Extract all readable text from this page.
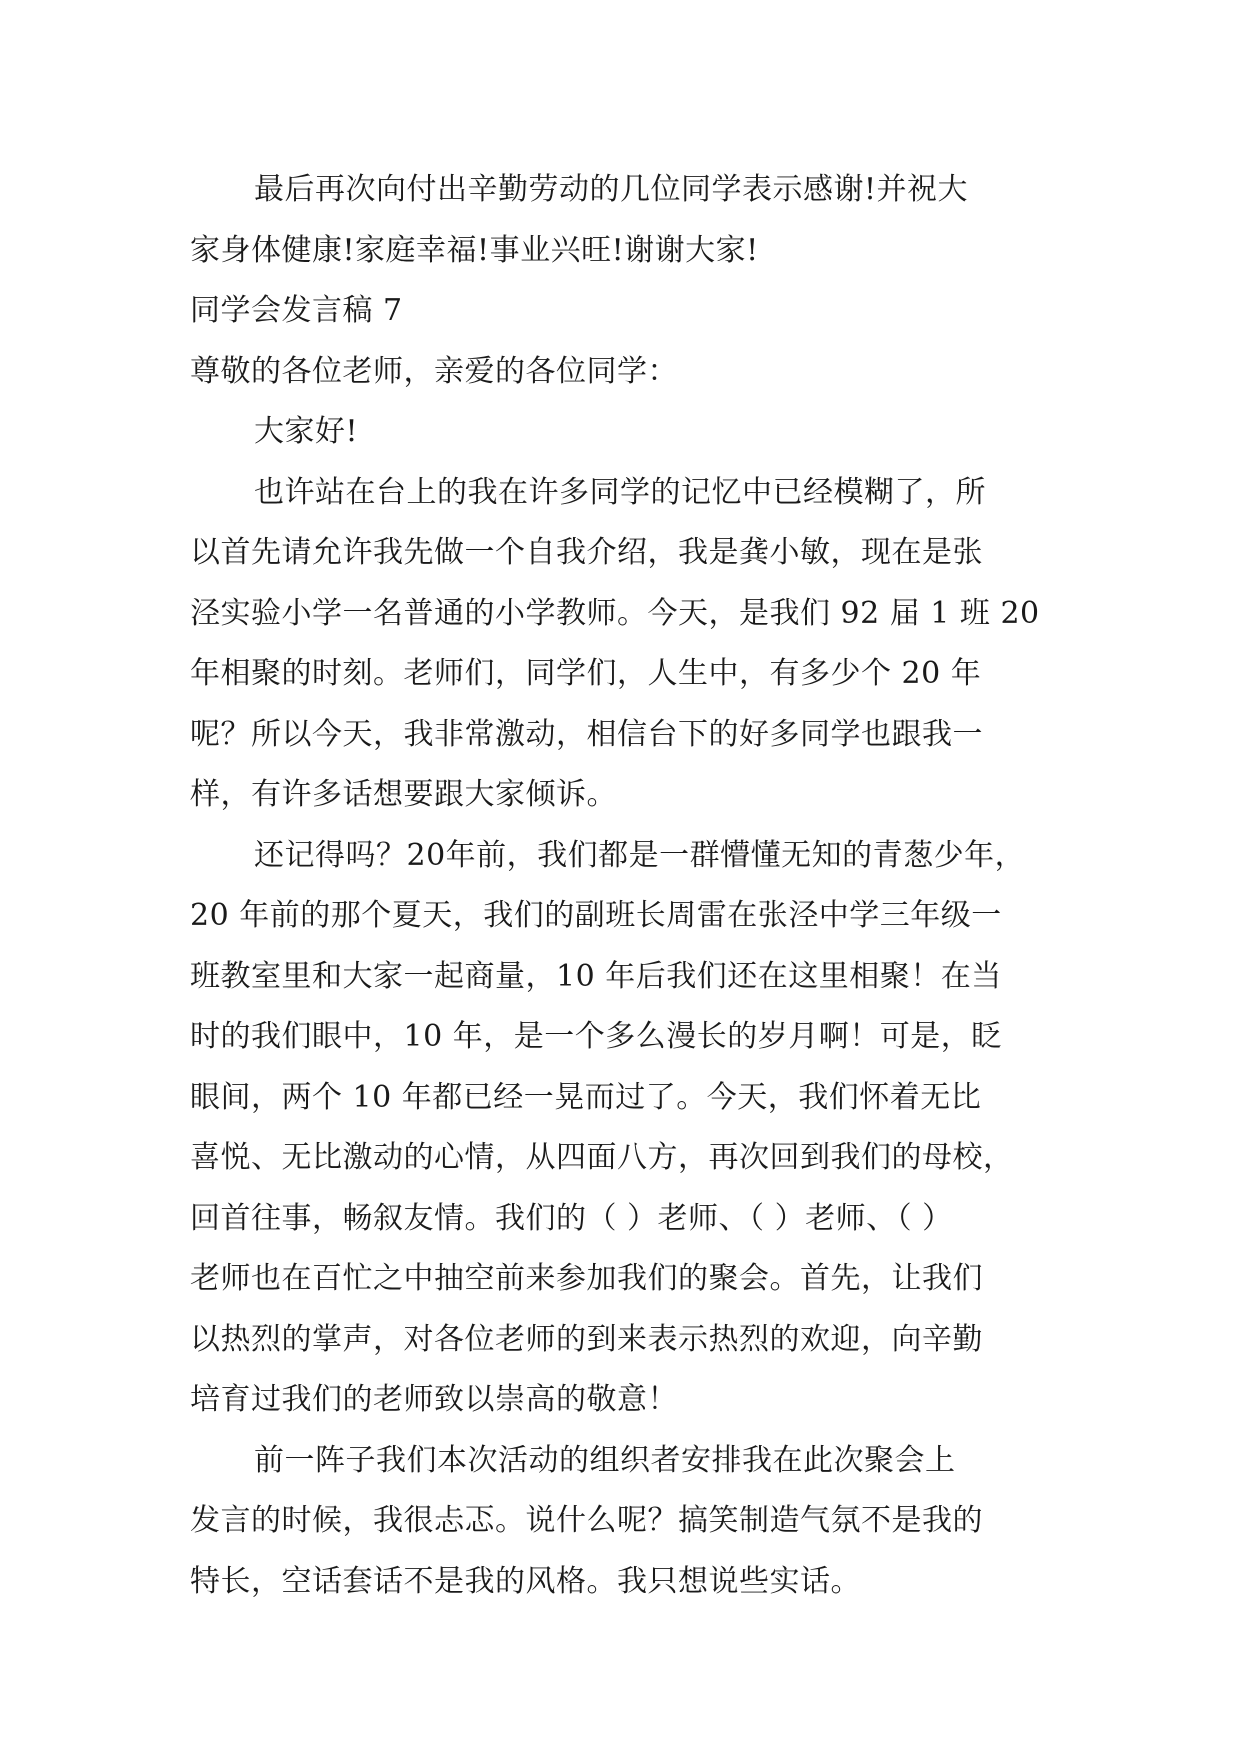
最后再次向付出辛勤劳动的几位同学表示感谢!并祝大
家身体健康!家庭幸福!事业兴旺!谢谢大家!
同学会发言稿 7
尊敬的各位老师，亲爱的各位同学：
大家好!
也许站在台上的我在许多同学的记忆中已经模糊了，所
以首先请允许我先做一个自我介绍，我是龚小敏，现在是张
泾实验小学一名普通的小学教师。今天，是我们 92 届 1 班 20
年相聚的时刻。老师们，同学们，人生中，有多少个 20 年
呢？所以今天，我非常激动，相信台下的好多同学也跟我一
样，有许多话想要跟大家倾诉。
还记得吗？20年前，我们都是一群懵懂无知的青葱少年，
20 年前的那个夏天，我们的副班长周雷在张泾中学三年级一
班教室里和大家一起商量，10 年后我们还在这里相聚！在当
时的我们眼中，10 年，是一个多么漫长的岁月啊！可是，眨
眼间，两个 10 年都已经一晃而过了。今天，我们怀着无比
喜悦、无比激动的心情，从四面八方，再次回到我们的母校，
回首往事，畅叙友情。我们的（ ）老师、（ ）老师、（ ）
老师也在百忙之中抽空前来参加我们的聚会。首先，让我们
以热烈的掌声，对各位老师的到来表示热烈的欢迎，向辛勤
培育过我们的老师致以崇高的敬意！
前一阵子我们本次活动的组织者安排我在此次聚会上
发言的时候，我很忐忑。说什么呢？搞笑制造气氛不是我的
特长，空话套话不是我的风格。我只想说些实话。
